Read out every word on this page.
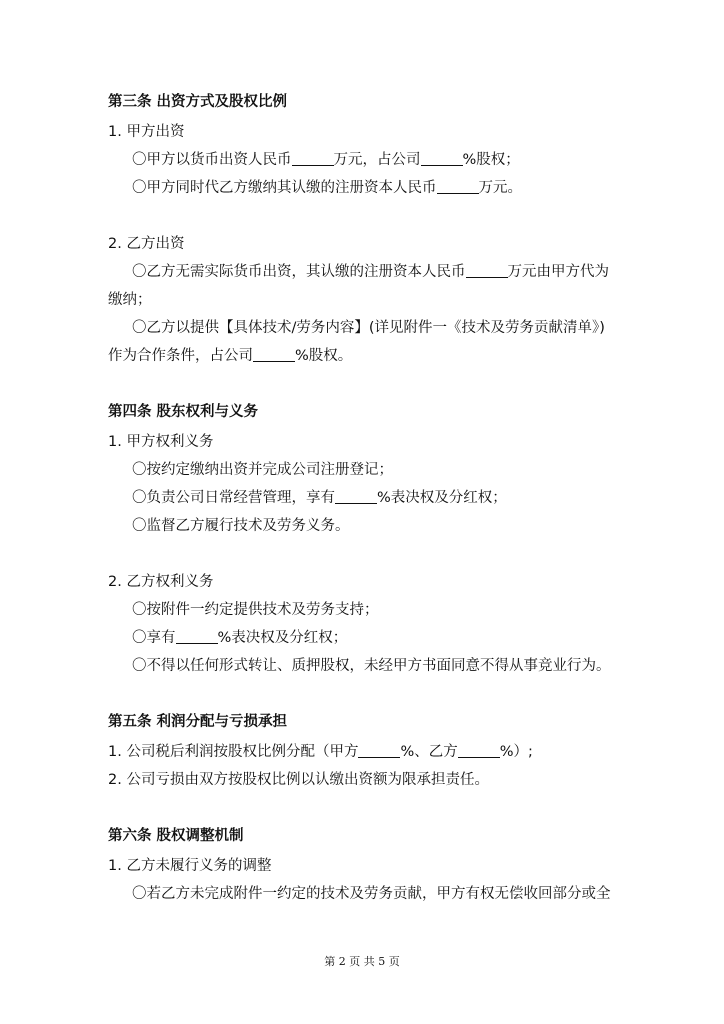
第三条 出资方式及股权比例
1. 甲方出资
〇甲方以货币出资人民币	万元，占公司	%股权；
〇甲方同时代乙方缴纳其认缴的注册资本人民币	万元。
2. 乙方出资
〇乙方无需实际货币出资，其认缴的注册资本人民币	万元由甲方代为
缴纳；
〇乙方以提供【具体技术/劳务内容】(详见附件一《技术及劳务贡献清单》)
作为合作条件，占公司	%股权。
第四条 股东权利与义务
1. 甲方权利义务
〇按约定缴纳出资并完成公司注册登记；
〇负责公司日常经营管理，享有	%表决权及分红权；
〇监督乙方履行技术及劳务义务。
2. 乙方权利义务
〇按附件一约定提供技术及劳务支持；
〇享有	%表决权及分红权；
〇不得以任何形式转让、质押股权，未经甲方书面同意不得从事竞业行为。
第五条 利润分配与亏损承担
1. 公司税后利润按股权比例分配（甲方	%、乙方	%）;
2. 公司亏损由双方按股权比例以认缴出资额为限承担责任。
第六条 股权调整机制
1. 乙方未履行义务的调整
〇若乙方未完成附件一约定的技术及劳务贡献，甲方有权无偿收回部分或全
第 2 页 共 5 页
